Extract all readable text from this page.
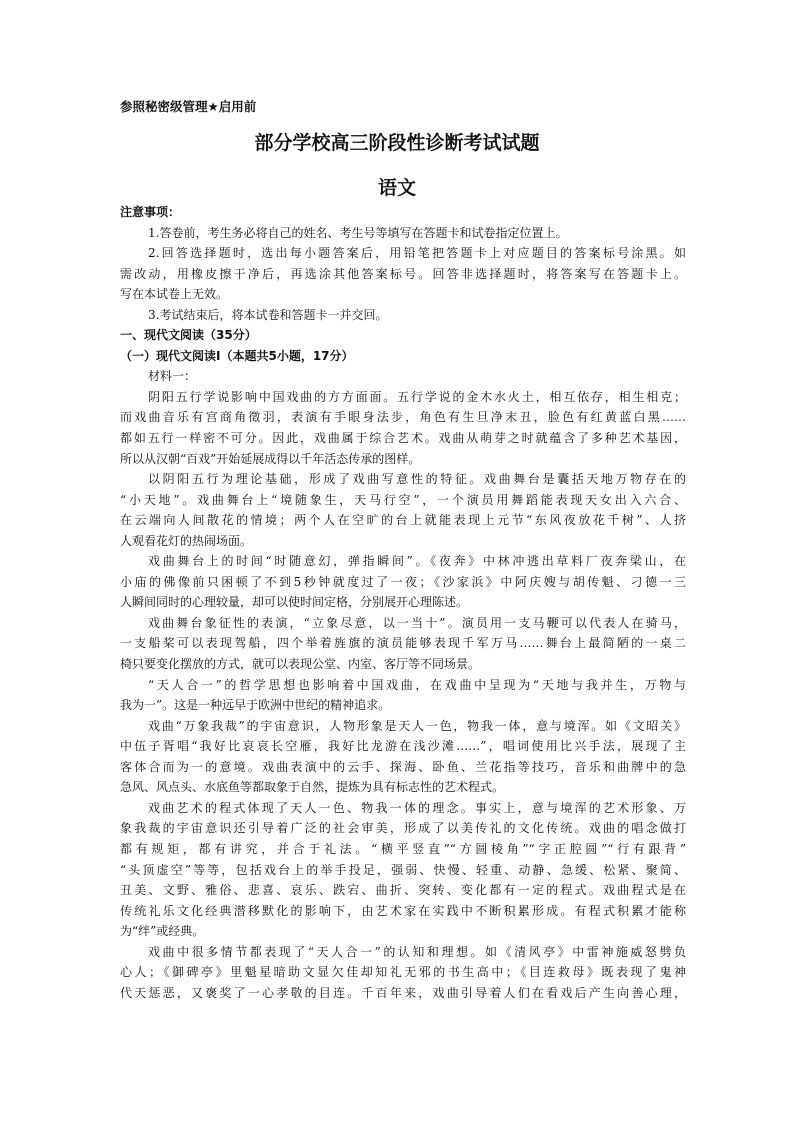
参照秘密级管理★启用前
部分学校高三阶段性诊断考试试题
语文
注意事项：
1.答卷前，考生务必将自己的姓名、考生号等填写在答题卡和试卷指定位置上。
2.回答选择题时，选出每小题答案后，用铅笔把答题卡上对应题目的答案标号涂黑。如
需改动，用橡皮擦干净后，再选涂其他答案标号。回答非选择题时，将答案写在答题卡上。
写在本试卷上无效。
3.考试结束后，将本试卷和答题卡一并交回。
一、现代文阅读（35分）
（一）现代文阅读Ⅰ（本题共5小题，17分）
材料一：
阴阳五行学说影响中国戏曲的方方面面。五行学说的金木水火土，相互依存，相生相克；
而戏曲音乐有宫商角徵羽，表演有手眼身法步，角色有生旦净末丑，脸色有红黄蓝白黑……
都如五行一样密不可分。因此，戏曲属于综合艺术。戏曲从萌芽之时就蕴含了多种艺术基因，
所以从汉朝“百戏”开始延展成得以千年活态传承的图样。
以阴阳五行为理论基础，形成了戏曲写意性的特征。戏曲舞台是囊括天地万物存在的
“小天地”。戏曲舞台上“境随象生，天马行空”，一个演员用舞蹈能表现天女出入六合、
在云端向人间散花的情境；两个人在空旷的台上就能表现上元节“东风夜放花千树”、人挤
人观看花灯的热闹场面。
戏曲舞台上的时间“时随意幻，弹指瞬间”。《夜奔》中林冲逃出草料厂夜奔梁山，在
小庙的佛像前只困顿了不到5秒钟就度过了一夜；《沙家浜》中阿庆嫂与胡传魁、刁德一三
人瞬间同时的心理较量，却可以使时间定格，分别展开心理陈述。
戏曲舞台象征性的表演，“立象尽意，以一当十”。演员用一支马鞭可以代表人在骑马，
一支船桨可以表现驾船，四个举着旌旗的演员能够表现千军万马……舞台上最简陋的一桌二
椅只要变化摆放的方式，就可以表现公堂、内室、客厅等不同场景。
“天人合一”的哲学思想也影响着中国戏曲，在戏曲中呈现为“天地与我并生，万物与
我为一”。这是一种远早于欧洲中世纪的精神追求。
戏曲“万象我裁”的宇宙意识，人物形象是天人一色，物我一体，意与境浑。如《文昭关》
中伍子胥唱“我好比哀哀长空雁，我好比龙游在浅沙滩……”，唱词使用比兴手法，展现了主
客体合而为一的意境。戏曲表演中的云手、探海、卧鱼、兰花指等技巧，音乐和曲牌中的急
急风、风点头、水底鱼等都取象于自然，提炼为具有标志性的艺术程式。
戏曲艺术的程式体现了天人一色、物我一体的理念。事实上，意与境浑的艺术形象、万
象我裁的宇宙意识还引导着广泛的社会审美，形成了以美传礼的文化传统。戏曲的唱念做打
都有规矩，都有讲究，并合于礼法。“横平竖直”“方圆棱角”“字正腔圆”“行有跟背”
“头顶虚空”等等，包括戏台上的举手投足，强弱、快慢、轻重、动静、急缓、松紧、聚简、
丑美、文野、雅俗、悲喜、哀乐、跌宕、曲折、突转、变化都有一定的程式。戏曲程式是在
传统礼乐文化经典潜移默化的影响下，由艺术家在实践中不断积累形成。有程式积累才能称
为“绊”或经典。
戏曲中很多情节都表现了“天人合一”的认知和理想。如《清风亭》中雷神施威怒劈负
心人；《御碑亭》里魁星暗助文显欠佳却知礼无邪的书生高中；《目连救母》既表现了鬼神
代天惩恶，又褒奖了一心孝敬的目连。千百年来，戏曲引导着人们在看戏后产生向善心理，
